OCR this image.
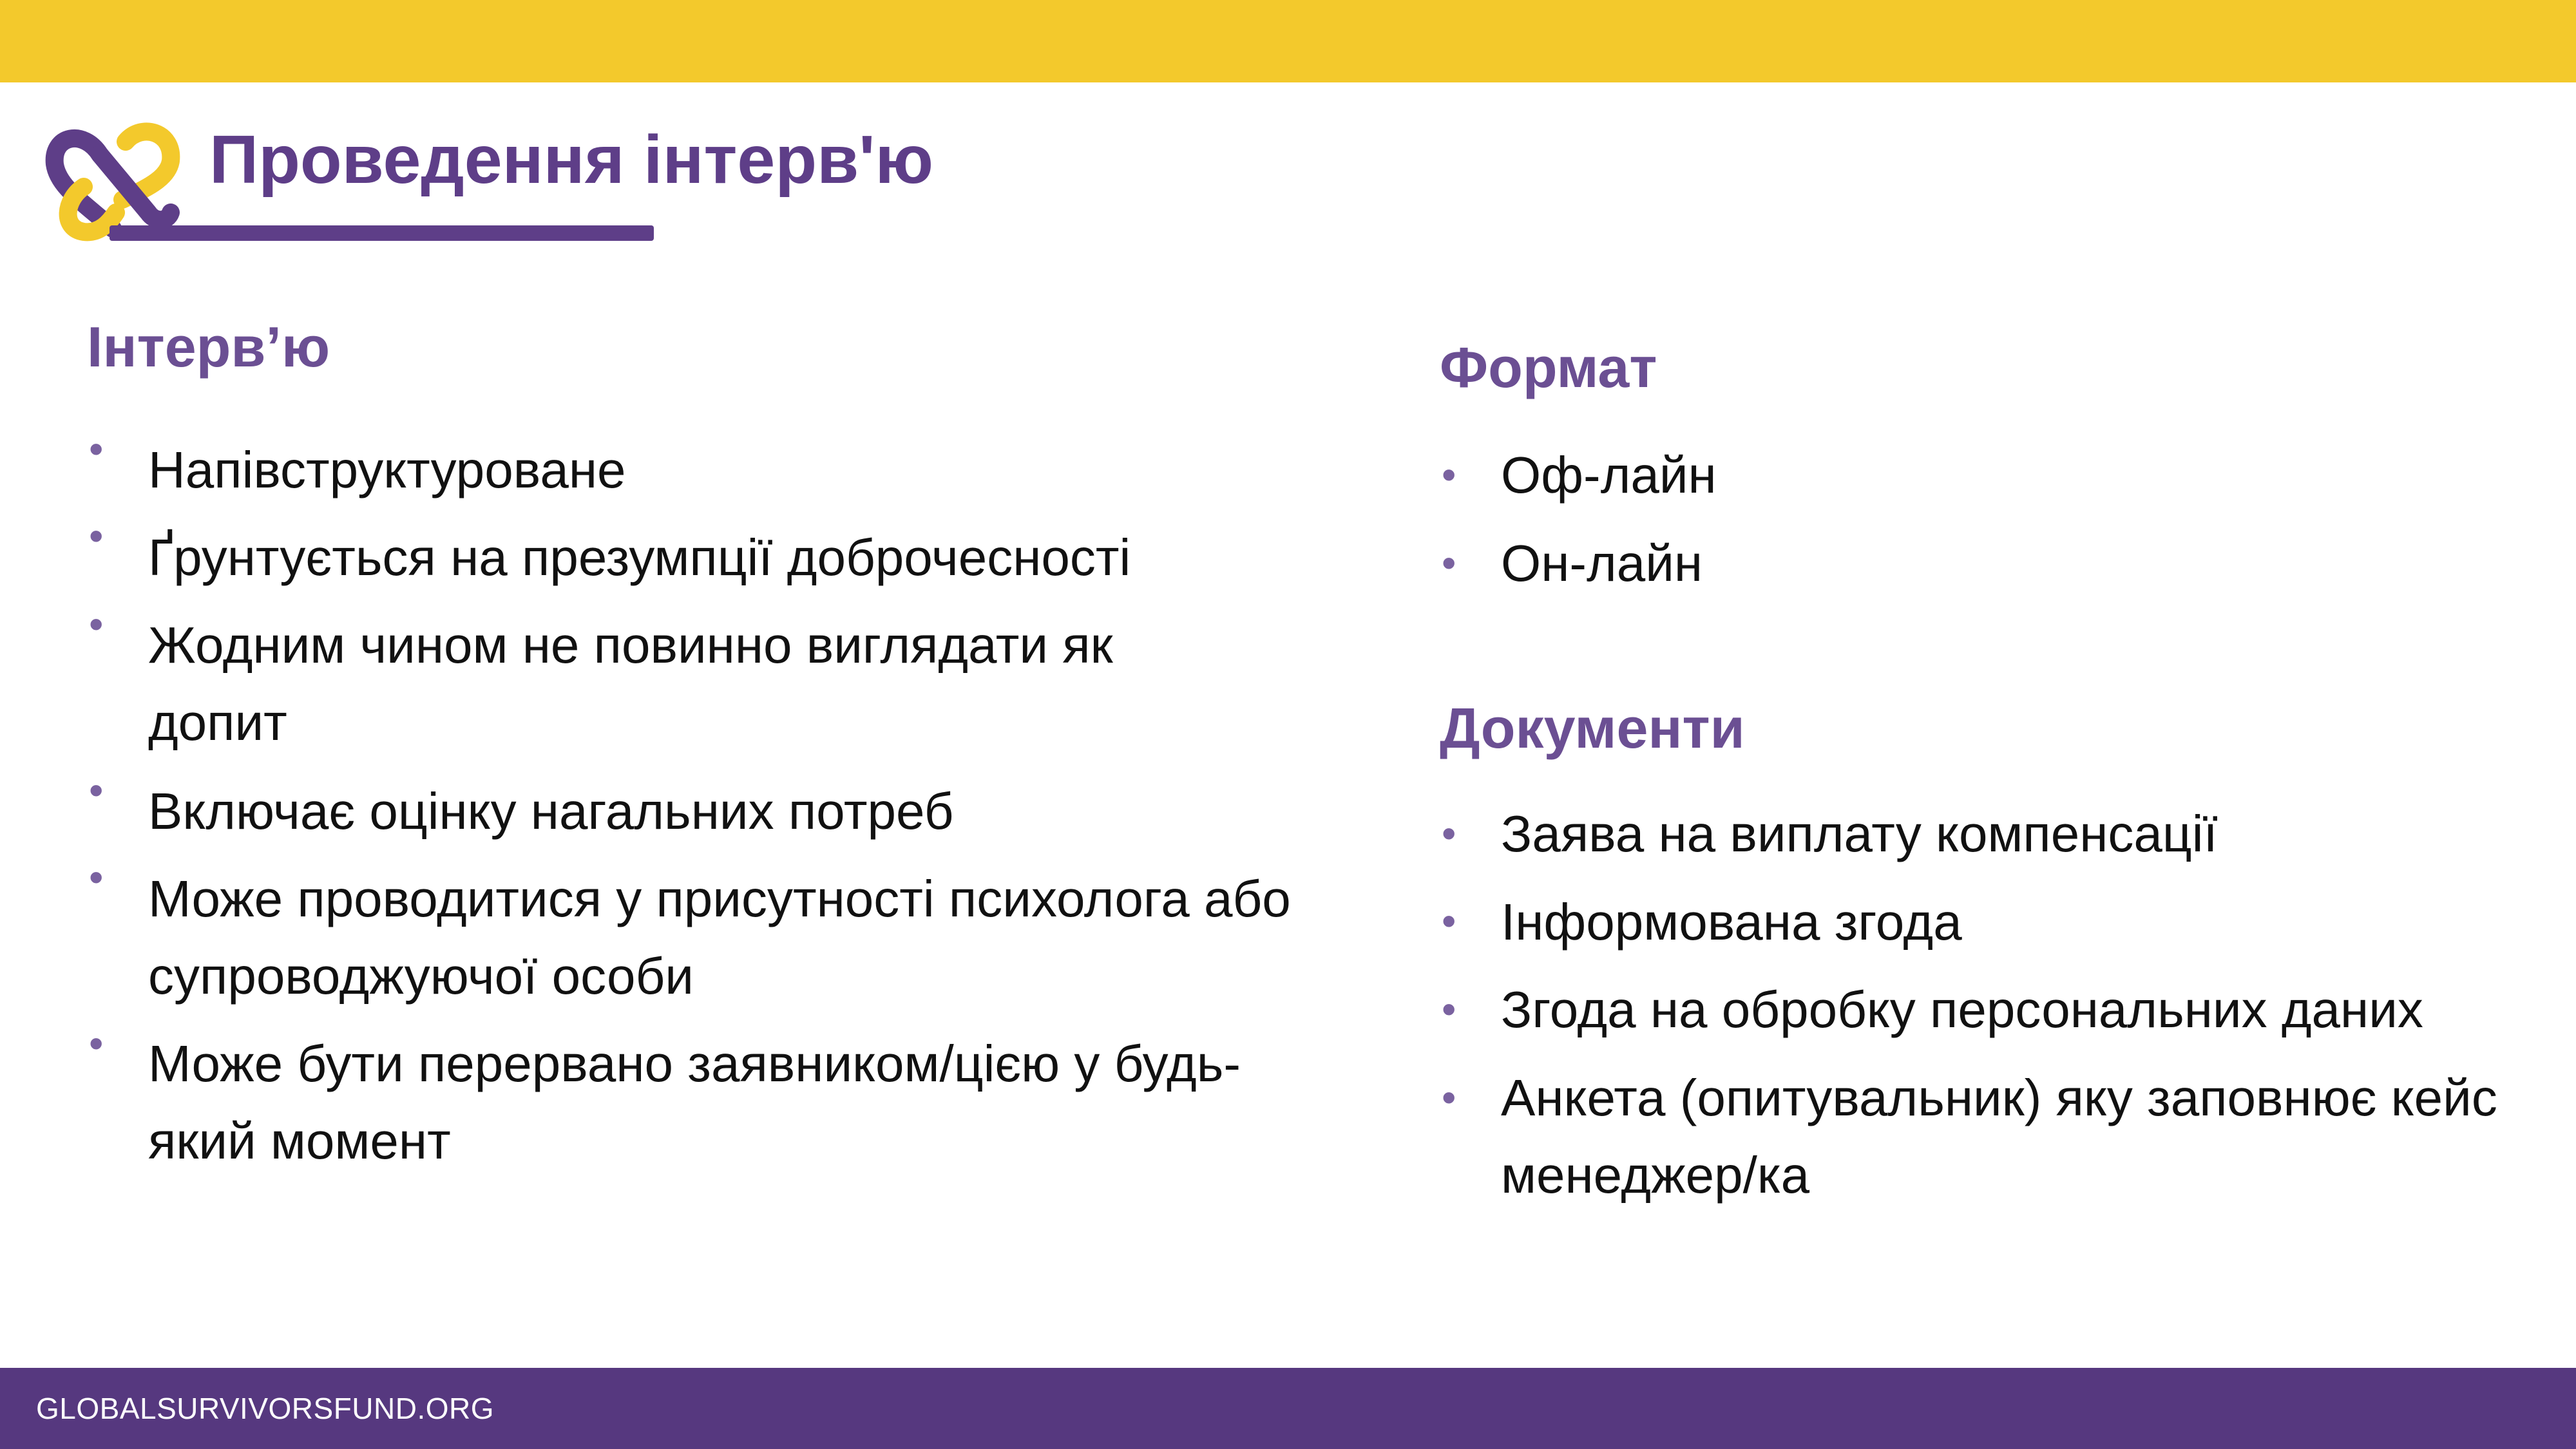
Проведення інтерв'ю
Інтерв’ю
• Напівструктуроване
• Ґрунтується на презумпції доброчесності
• Жодним чином не повинно виглядати як допит
• Включає оцінку нагальних потреб
• Може проводитися у присутності психолога або супроводжуючої особи
• Може бути перервано заявником/цією у будь-який момент
Формат
• Оф-лайн
• Он-лайн
Документи
• Заява на виплату компенсації
• Інформована згода
• Згода на обробку персональних даних
• Анкета (опитувальник) яку заповнює кейс менеджер/ка
GLOBALSURVIVORSFUND.ORG
